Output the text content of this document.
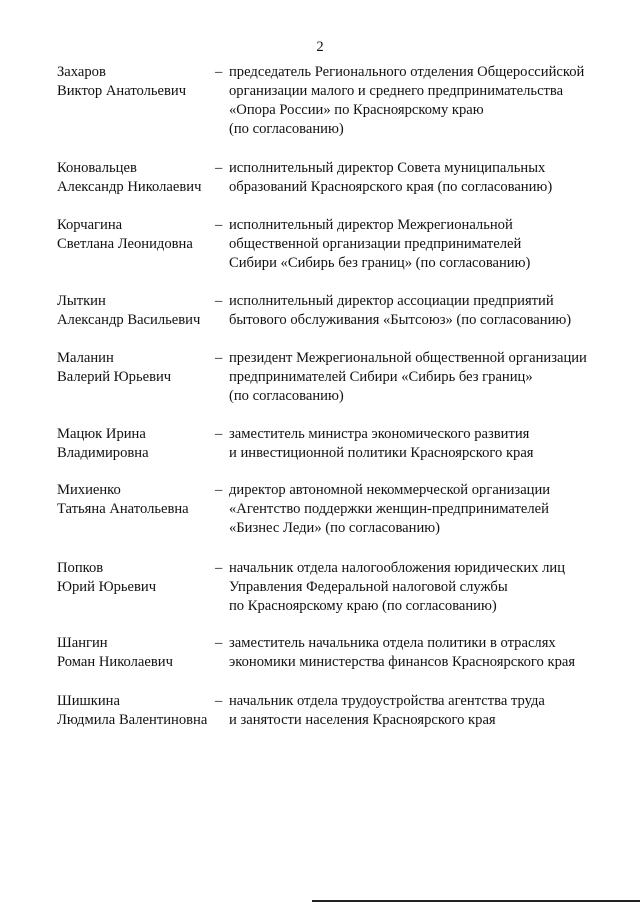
2
Захаров
Виктор Анатольевич
– председатель Регионального отделения Общероссийской
организации малого и среднего предпринимательства
«Опора России» по Красноярскому краю
(по согласованию)
Коновальцев
Александр Николаевич
– исполнительный директор Совета муниципальных
образований Красноярского края (по согласованию)
Корчагина
Светлана Леонидовна
– исполнительный директор Межрегиональной
общественной организации предпринимателей
Сибири «Сибирь без границ» (по согласованию)
Лыткин
Александр Васильевич
– исполнительный директор ассоциации предприятий
бытового обслуживания «Бытсоюз» (по согласованию)
Маланин
Валерий Юрьевич
– президент Межрегиональной общественной организации
предпринимателей Сибири «Сибирь без границ»
(по согласованию)
Мацюк Ирина
Владимировна
– заместитель министра экономического развития
и инвестиционной политики Красноярского края
Михиенко
Татьяна Анатольевна
– директор автономной некоммерческой организации
«Агентство поддержки женщин-предпринимателей
«Бизнес Леди» (по согласованию)
Попков
Юрий Юрьевич
– начальник отдела налогообложения юридических лиц
Управления Федеральной налоговой службы
по Красноярскому краю (по согласованию)
Шангин
Роман Николаевич
– заместитель начальника отдела политики в отраслях
экономики министерства финансов Красноярского края
Шишкина
Людмила Валентиновна
– начальник отдела трудоустройства агентства труда
и занятости населения Красноярского края
